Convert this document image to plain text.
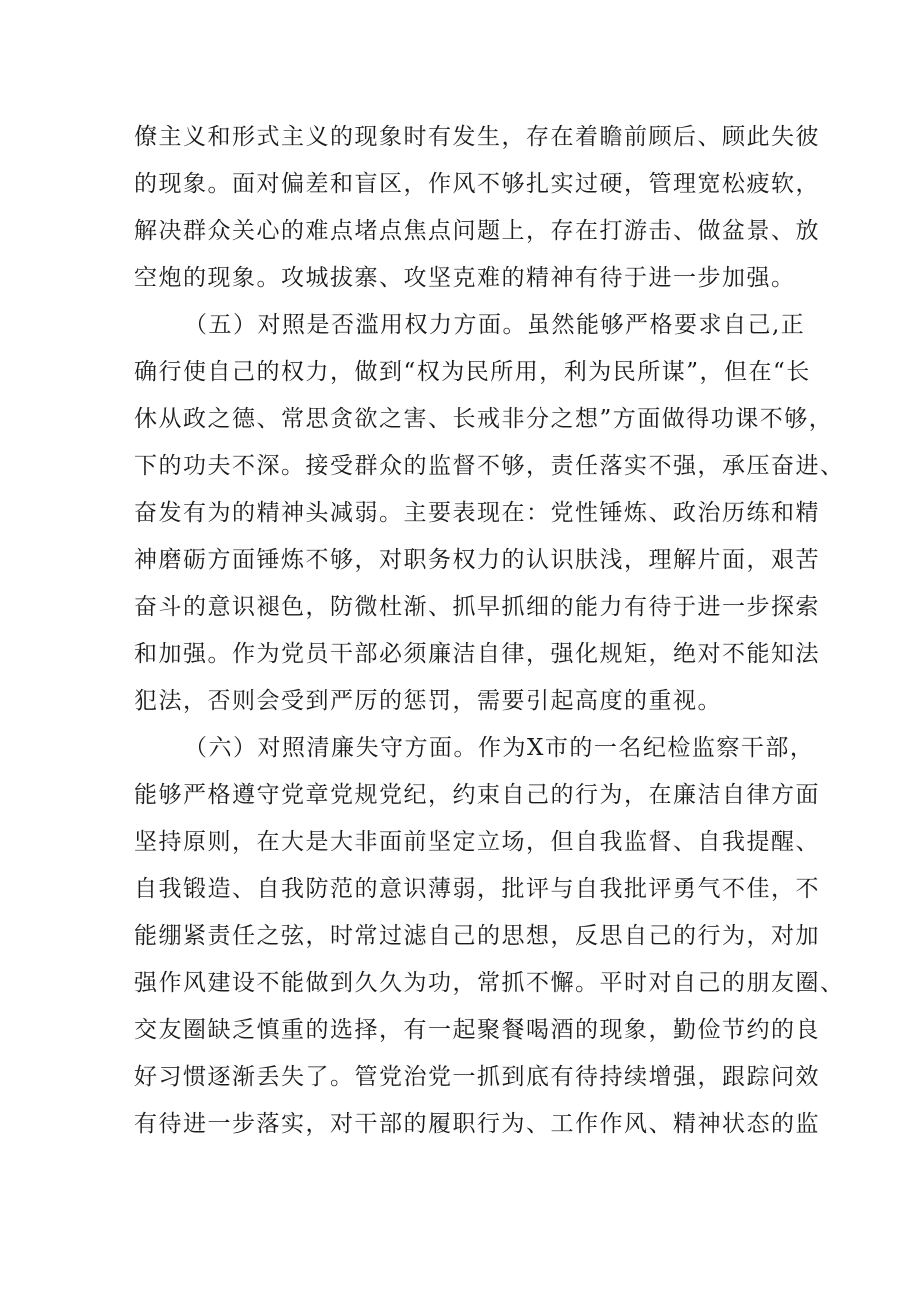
僚主义和形式主义的现象时有发生，存在着瞻前顾后、顾此失彼
的现象。面对偏差和盲区，作风不够扎实过硬，管理宽松疲软，
解决群众关心的难点堵点焦点问题上，存在打游击、做盆景、放
空炮的现象。攻城拔寨、攻坚克难的精神有待于进一步加强。
（五）对照是否滥用权力方面。虽然能够严格要求自己,正
确行使自己的权力，做到“权为民所用，利为民所谋”，但在“长
休从政之德、常思贪欲之害、长戒非分之想”方面做得功课不够，
下的功夫不深。接受群众的监督不够，责任落实不强，承压奋进、
奋发有为的精神头减弱。主要表现在：党性锤炼、政治历练和精
神磨砺方面锤炼不够，对职务权力的认识肤浅，理解片面，艰苦
奋斗的意识褪色，防微杜渐、抓早抓细的能力有待于进一步探索
和加强。作为党员干部必须廉洁自律，强化规矩，绝对不能知法
犯法，否则会受到严厉的惩罚，需要引起高度的重视。
（六）对照清廉失守方面。作为X市的一名纪检监察干部，
能够严格遵守党章党规党纪，约束自己的行为，在廉洁自律方面
坚持原则，在大是大非面前坚定立场，但自我监督、自我提醒、
自我锻造、自我防范的意识薄弱，批评与自我批评勇气不佳，不
能绷紧责任之弦，时常过滤自己的思想，反思自己的行为，对加
强作风建设不能做到久久为功，常抓不懈。平时对自己的朋友圈、
交友圈缺乏慎重的选择，有一起聚餐喝酒的现象，勤俭节约的良
好习惯逐渐丢失了。管党治党一抓到底有待持续增强，跟踪问效
有待进一步落实，对干部的履职行为、工作作风、精神状态的监
